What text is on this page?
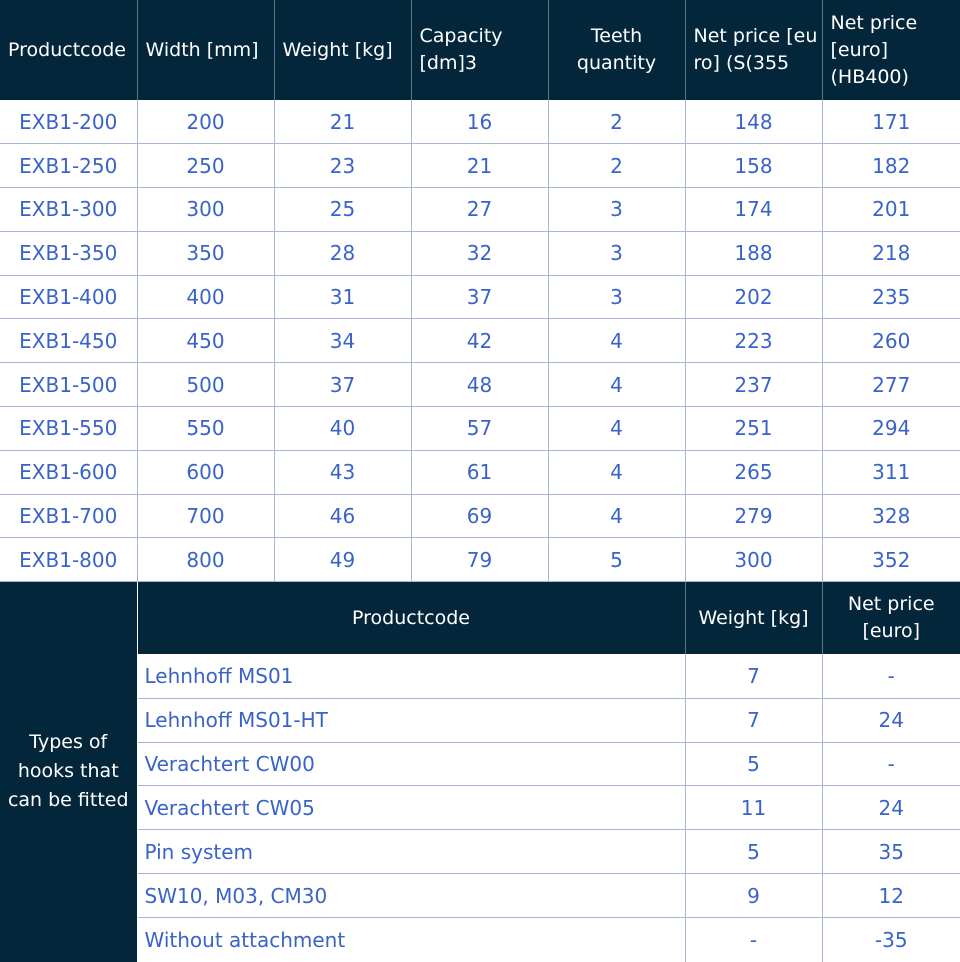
Productcode	Width [mm]	Weight [kg]	Capacity [dm]3	Teeth quantity	Net price [euro] (S(355	Net price [euro] (HB400)
EXB1-200	200	21	16	2	148	171
EXB1-250	250	23	21	2	158	182
EXB1-300	300	25	27	3	174	201
EXB1-350	350	28	32	3	188	218
EXB1-400	400	31	37	3	202	235
EXB1-450	450	34	42	4	223	260
EXB1-500	500	37	48	4	237	277
EXB1-550	550	40	57	4	251	294
EXB1-600	600	43	61	4	265	311
EXB1-700	700	46	69	4	279	328
EXB1-800	800	49	79	5	300	352
Types of hooks that can be fitted	Productcode	Weight [kg]	Net price [euro]
	Lehnhoff MS01	7	-
	Lehnhoff MS01-HT	7	24
	Verachtert CW00	5	-
	Verachtert CW05	11	24
	Pin system	5	35
	SW10, M03, CM30	9	12
	Without attachment	-	-35
